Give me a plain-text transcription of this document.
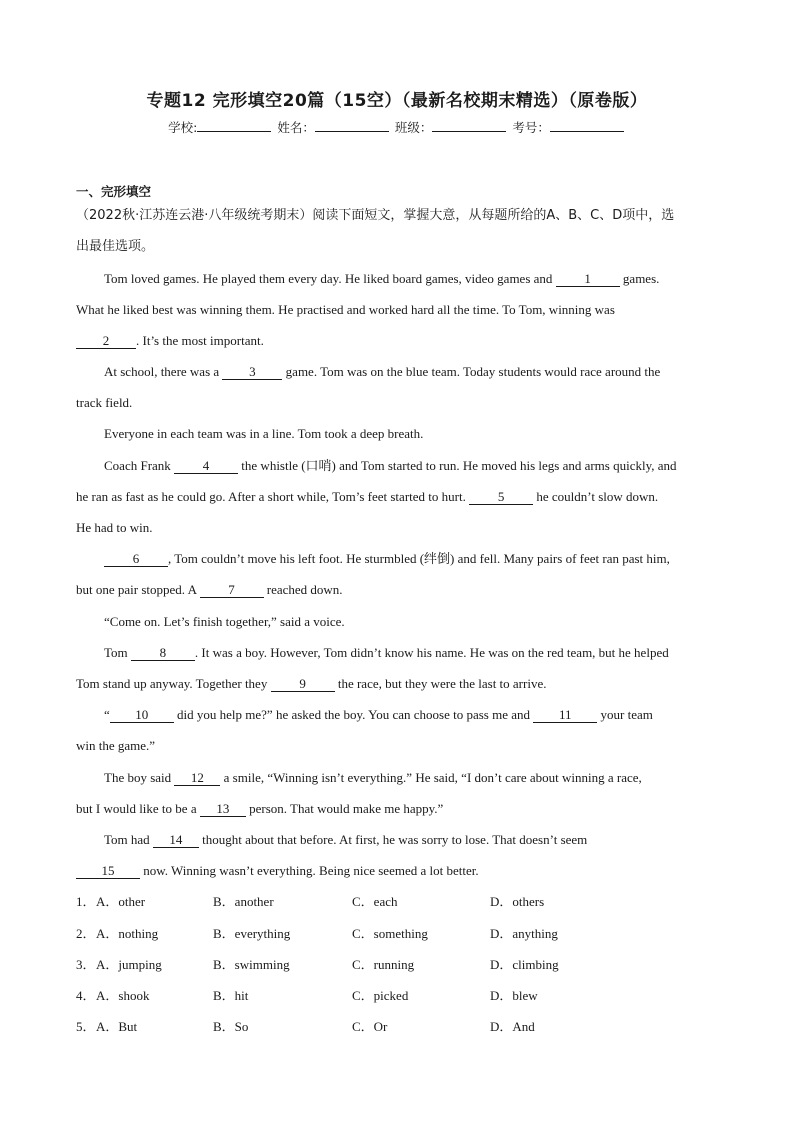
专题12 完形填空20篇（15空）（最新名校期末精选）（原卷版）
学校:	姓名：	班级：	考号：
一、完形填空
（2022秋·江苏连云港·八年级统考期末）阅读下面短文，掌握大意，从每题所给的A、B、C、D项中，选
出最佳选项。
Tom loved games. He played them every day. He liked board games, video games and 1 games.
What he liked best was winning them. He practised and worked hard all the time. To Tom, winning was
2 . It’s the most important.
At school, there was a 3 game. Tom was on the blue team. Today students would race around the
track field.
Everyone in each team was in a line. Tom took a deep breath.
Coach Frank 4 the whistle (口哨) and Tom started to run. He moved his legs and arms quickly, and
he ran as fast as he could go. After a short while, Tom’s feet started to hurt. 5 he couldn’t slow down.
He had to win.
6 , Tom couldn’t move his left foot. He sturmbled (绊倒) and fell. Many pairs of feet ran past him,
but one pair stopped. A 7 reached down.
“Come on. Let’s finish together,” said a voice.
Tom 8 . It was a boy. However, Tom didn’t know his name. He was on the red team, but he helped
Tom stand up anyway. Together they 9 the race, but they were the last to arrive.
“ 10 did you help me?” he asked the boy. You can choose to pass me and 11 your team
win the game.”
The boy said 12 a smile, “Winning isn’t everything.” He said, “I don’t care about winning a race,
but I would like to be a 13 person. That would make me happy.”
Tom had 14 thought about that before. At first, he was sorry to lose. That doesn’t seem
15 now. Winning wasn’t everything. Being nice seemed a lot better.
1． A．other	B．another	C．each	D．others
2． A．nothing	B．everything	C．something	D．anything
3． A．jumping	B．swimming	C．running	D．climbing
4． A．shook	B．hit	C．picked	D．blew
5． A．But	B．So	C．Or	D．And
